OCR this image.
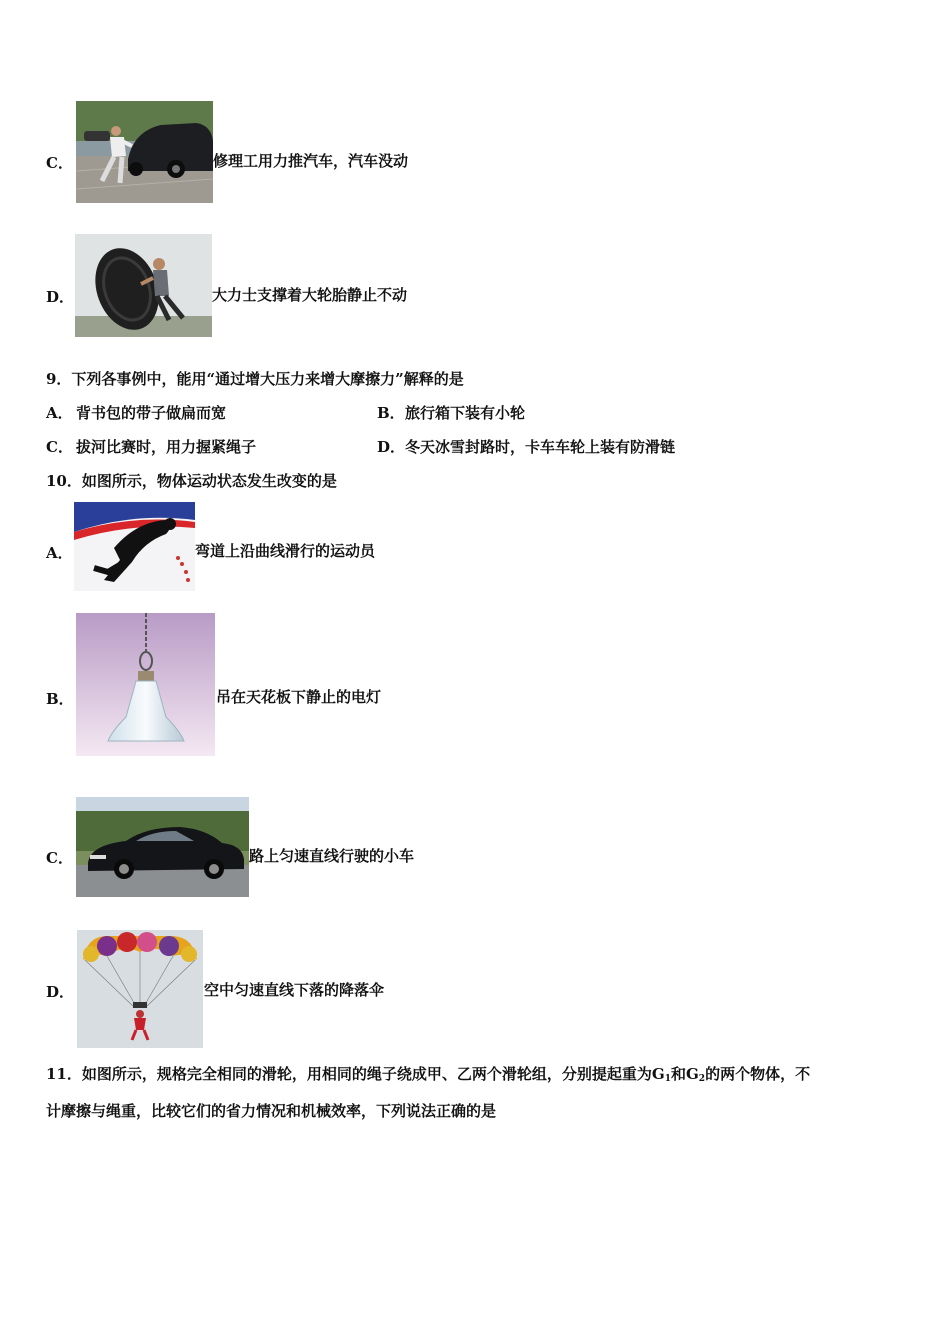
C．	修理工用力推汽车，汽车没动
D．	大力士支撑着大轮胎静止不动
9．下列各事例中，能用“通过增大压力来增大摩擦力”解释的是
A． 背书包的带子做扁而宽	B． 旅行箱下装有小轮
C． 拔河比赛时，用力握紧绳子	D． 冬天冰雪封路时，卡车车轮上装有防滑链
10．如图所示，物体运动状态发生改变的是
A．	弯道上沿曲线滑行的运动员
B．	吊在天花板下静止的电灯
C．	路上匀速直线行驶的小车
D．	空中匀速直线下落的降落伞
11．如图所示，规格完全相同的滑轮，用相同的绳子绕成甲、乙两个滑轮组，分别提起重为$G_1$和$G_2$的两个物体，不
计摩擦与绳重，比较它们的省力情况和机械效率，下列说法正确的是
